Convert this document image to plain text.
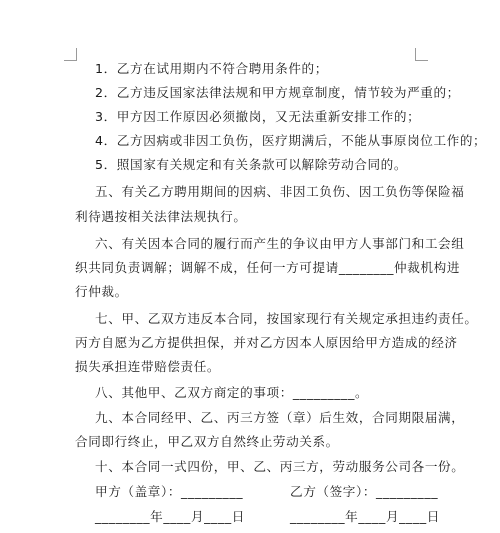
1．乙方在试用期内不符合聘用条件的；
2．乙方违反国家法律法规和甲方规章制度，情节较为严重的；
3．甲方因工作原因必须撤岗，又无法重新安排工作的；
4．乙方因病或非因工负伤，医疗期满后，不能从事原岗位工作的；
5．照国家有关规定和有关条款可以解除劳动合同的。
五、有关乙方聘用期间的因病、非因工负伤、因工负伤等保险福
利待遇按相关法律法规执行。
六、有关因本合同的履行而产生的争议由甲方人事部门和工会组
织共同负责调解；调解不成，任何一方可提请________仲裁机构进
行仲裁。
七、甲、乙双方违反本合同，按国家现行有关规定承担违约责任。
丙方自愿为乙方提供担保，并对乙方因本人原因给甲方造成的经济
损失承担连带赔偿责任。
八、其他甲、乙双方商定的事项：_________。
九、本合同经甲、乙、丙三方签（章）后生效，合同期限届满，
合同即行终止，甲乙双方自然终止劳动关系。
十、本合同一式四份，甲、乙、丙三方，劳动服务公司各一份。
甲方（盖章）：_________	乙方（签字）：_________
________年____月____日	________年____月____日
